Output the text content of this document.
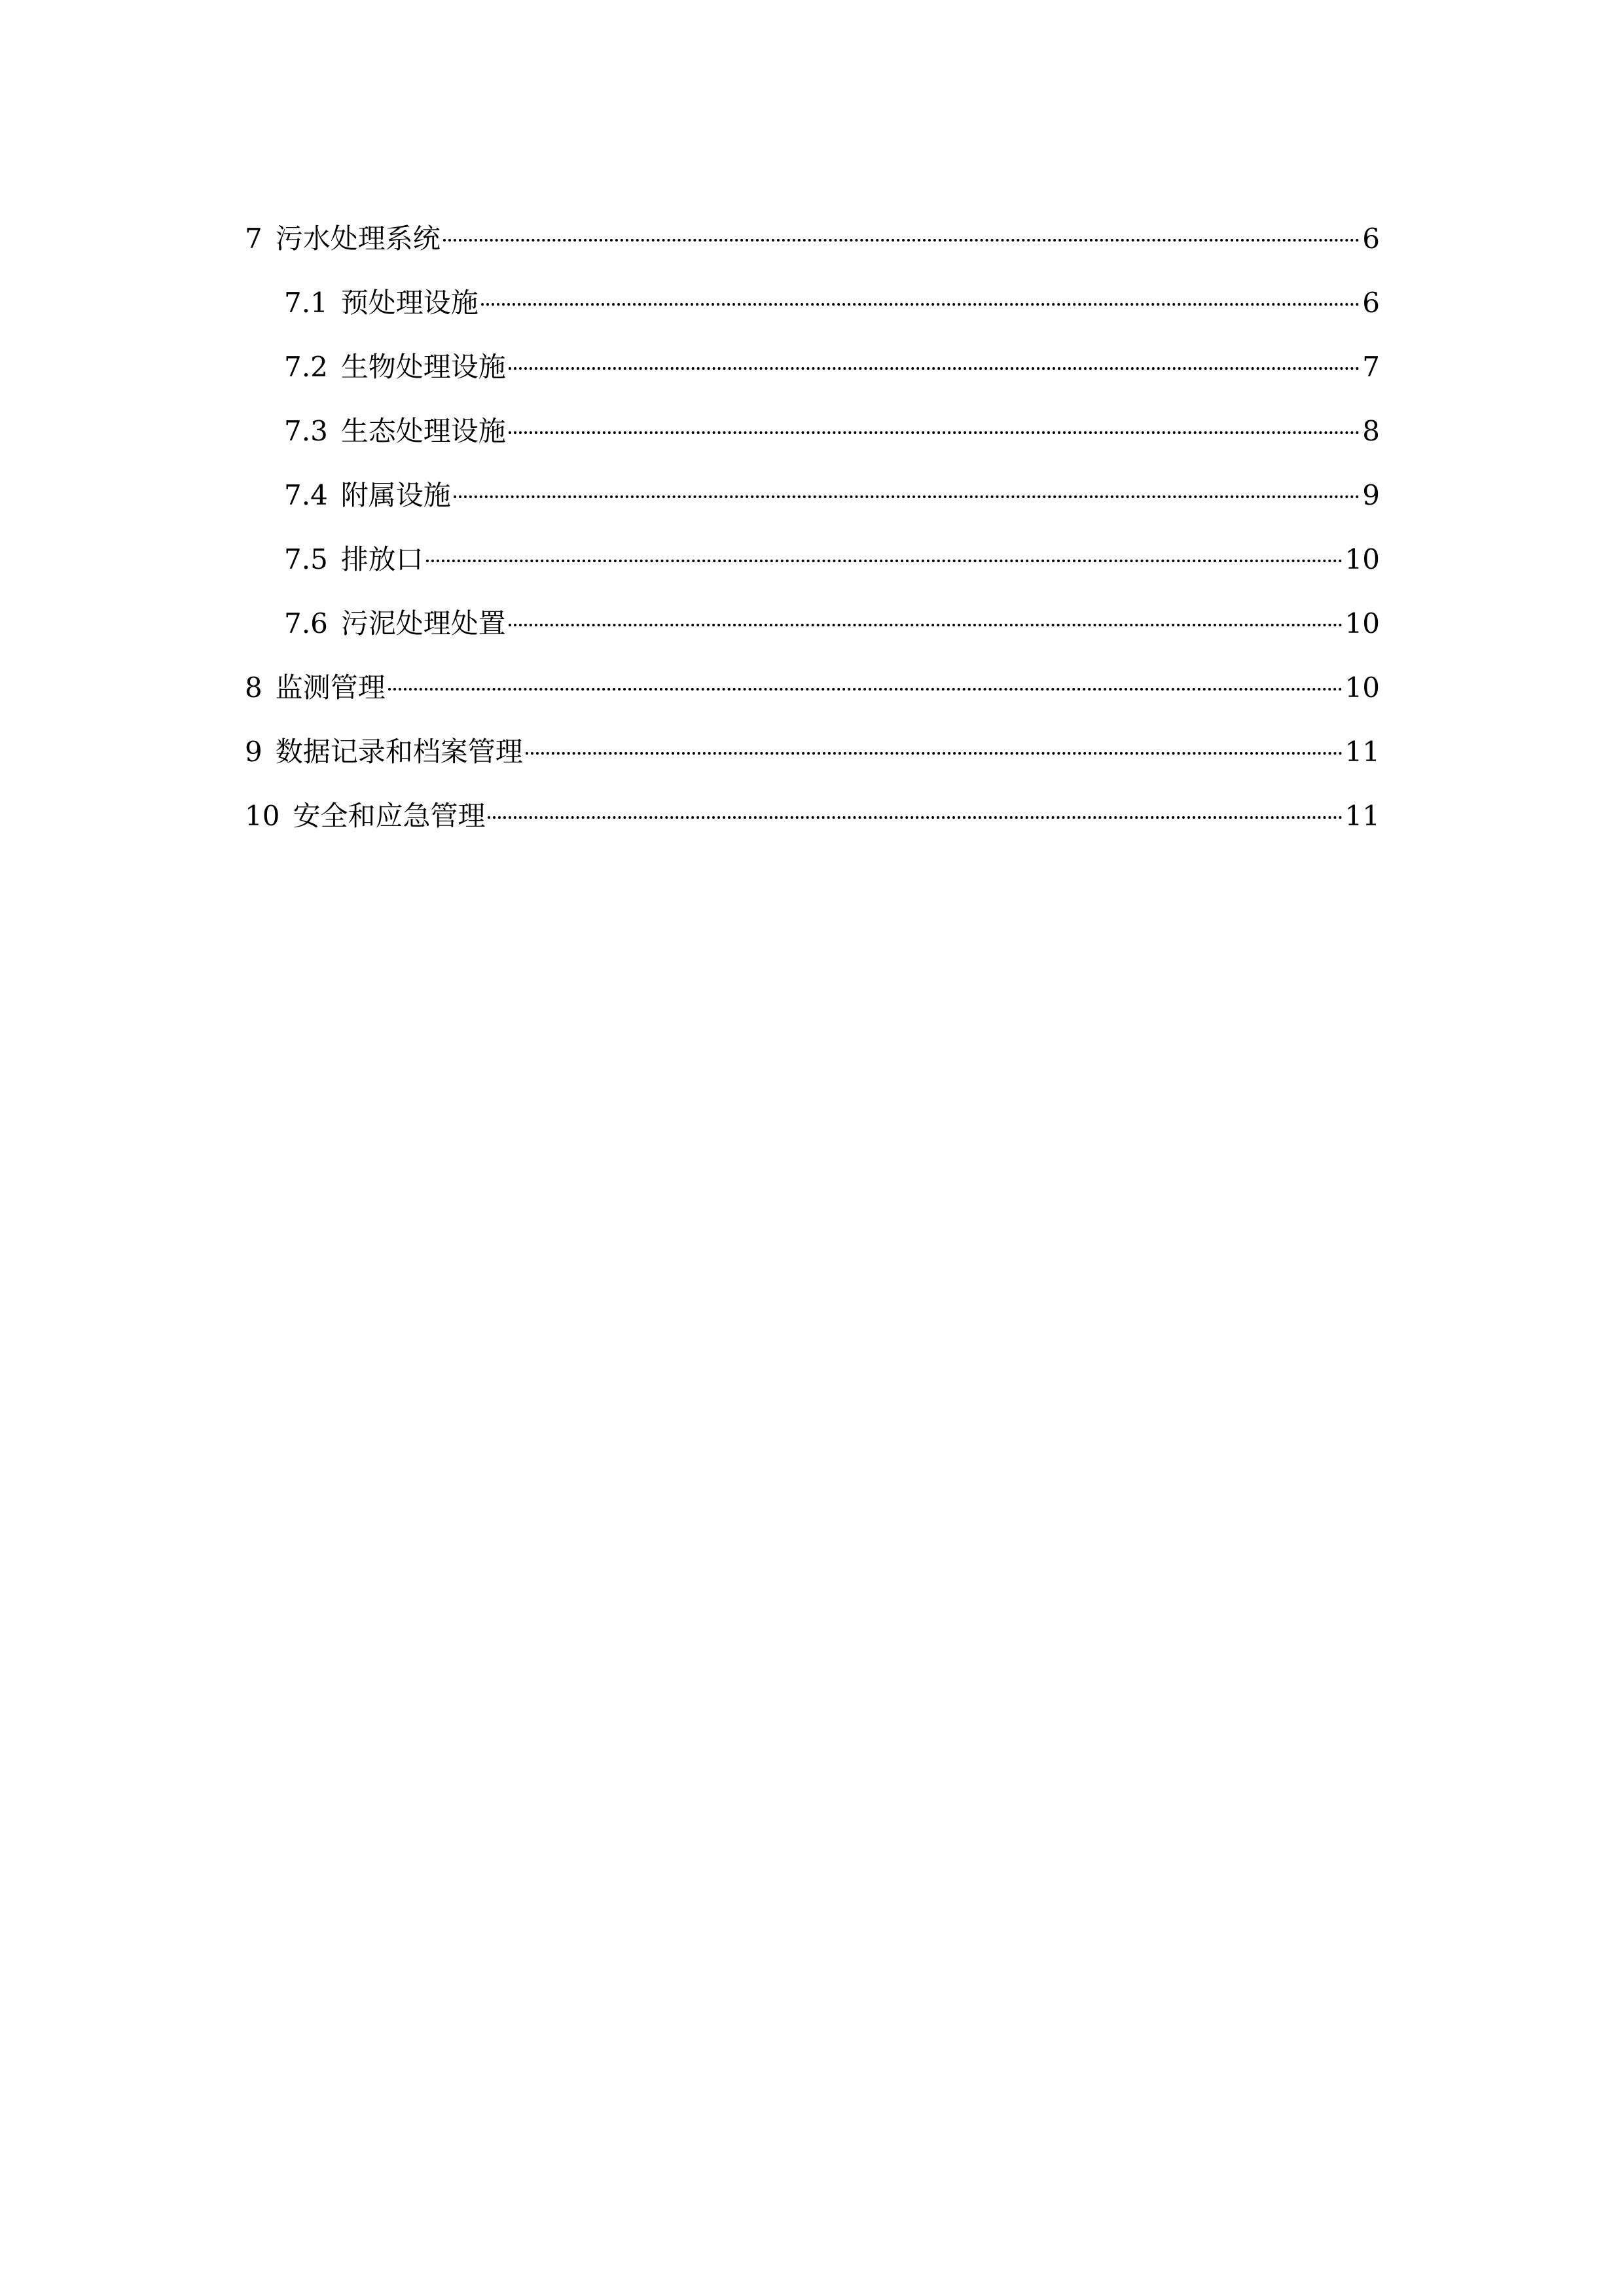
7 污水处理系统	6
7.1 预处理设施	6
7.2 生物处理设施	7
7.3 生态处理设施	8
7.4 附属设施	9
7.5 排放口	10
7.6 污泥处理处置	10
8 监测管理	10
9 数据记录和档案管理	11
10 安全和应急管理	11
